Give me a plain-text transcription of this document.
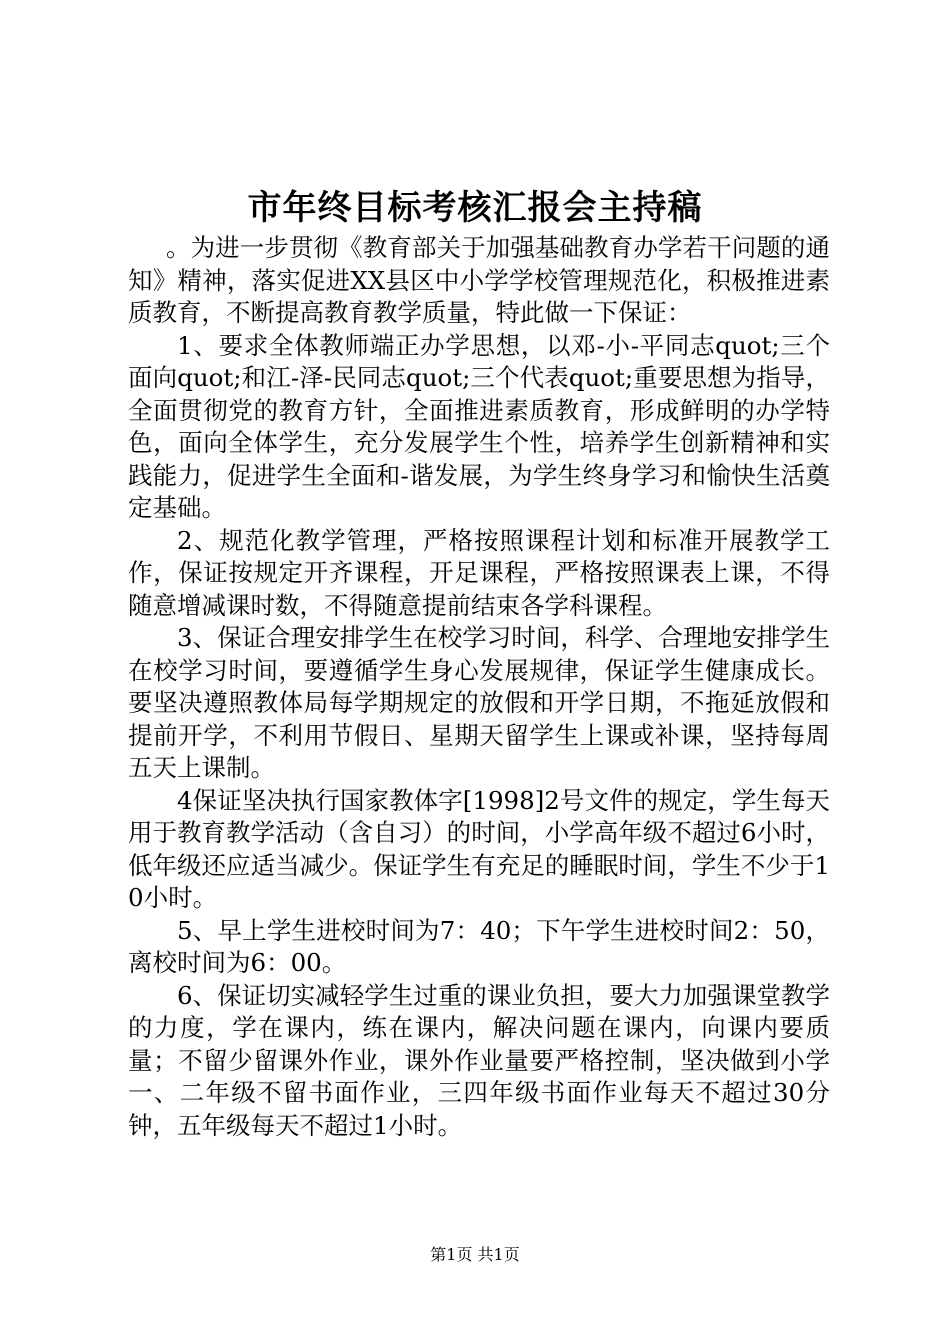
市年终目标考核汇报会主持稿

。为进一步贯彻《教育部关于加强基础教育办学若干问题的通知》精神，落实促进XX县区中小学学校管理规范化，积极推进素质教育，不断提高教育教学质量，特此做一下保证：

1、要求全体教师端正办学思想，以邓-小-平同志quot;三个面向quot;和江-泽-民同志quot;三个代表quot;重要思想为指导，全面贯彻党的教育方针，全面推进素质教育，形成鲜明的办学特色，面向全体学生，充分发展学生个性，培养学生创新精神和实践能力，促进学生全面和-谐发展，为学生终身学习和愉快生活奠定基础。

2、规范化教学管理，严格按照课程计划和标准开展教学工作，保证按规定开齐课程，开足课程，严格按照课表上课，不得随意增减课时数，不得随意提前结束各学科课程。

3、保证合理安排学生在校学习时间，科学、合理地安排学生在校学习时间，要遵循学生身心发展规律，保证学生健康成长。要坚决遵照教体局每学期规定的放假和开学日期，不拖延放假和提前开学，不利用节假日、星期天留学生上课或补课，坚持每周五天上课制。

4保证坚决执行国家教体字[1998]2号文件的规定，学生每天用于教育教学活动（含自习）的时间，小学高年级不超过6小时，低年级还应适当减少。保证学生有充足的睡眠时间，学生不少于10小时。

5、早上学生进校时间为7：40；下午学生进校时间2：50，离校时间为6：00。

6、保证切实减轻学生过重的课业负担，要大力加强课堂教学的力度，学在课内，练在课内，解决问题在课内，向课内要质量；不留少留课外作业，课外作业量要严格控制，坚决做到小学一、二年级不留书面作业，三四年级书面作业每天不超过30分钟，五年级每天不超过1小时。

第1页 共1页
